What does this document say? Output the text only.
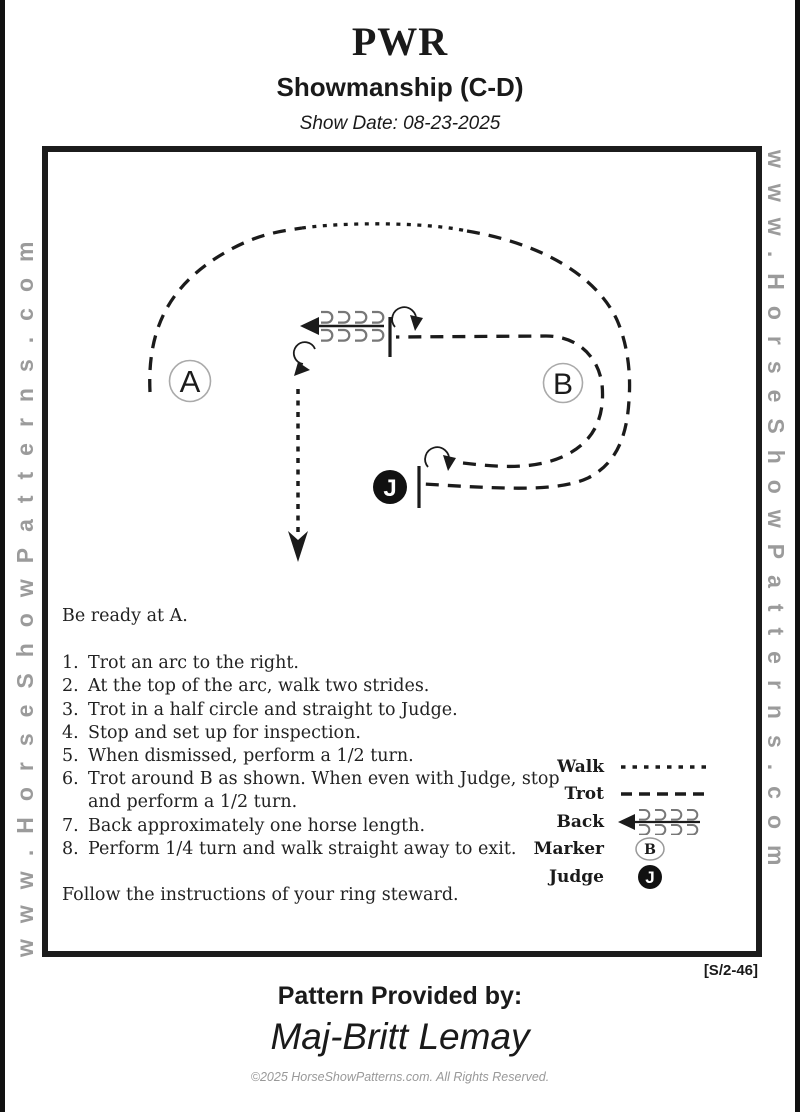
www.HorseShowPatterns.com	www.HorseShowPatterns.com
PWR
Showmanship (C-D)
Show Date: 08-23-2025
A	B
J
Be ready at A.
1. Trot an arc to the right.
2. At the top of the arc, walk two strides.
3. Trot in a half circle and straight to Judge.
4. Stop and set up for inspection.
5. When dismissed, perform a 1/2 turn.
6. Trot around B as shown. When even with Judge, stop and perform a 1/2 turn.
7. Back approximately one horse length.
8. Perform 1/4 turn and walk straight away to exit.
Follow the instructions of your ring steward.
Walk
Trot
Back
Marker	B
Judge J
[S/2-46]
Pattern Provided by:
Maj-Britt Lemay
©2025 HorseShowPatterns.com. All Rights Reserved.
